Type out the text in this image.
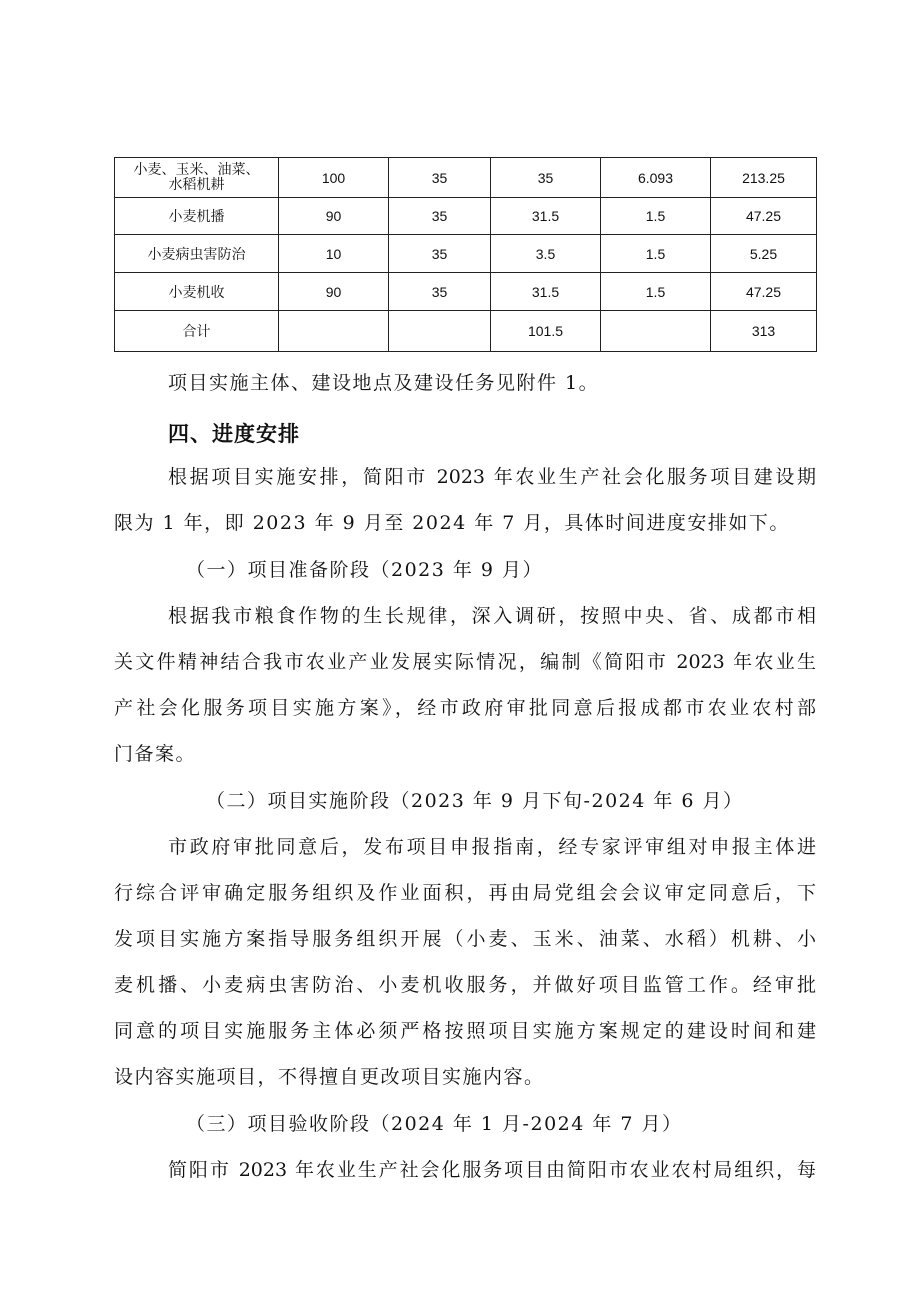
小麦、玉米、油菜、
水稻机耕	100	35	35	6.093	213.25

小麦机播	90	35	31.5	1.5	47.25

小麦病虫害防治	10	35	3.5	1.5	5.25

小麦机收	90	35	31.5	1.5	47.25

合计			101.5		313

项目实施主体、建设地点及建设任务见附件 1。

四、进度安排

根据项目实施安排，简阳市 2023 年农业生产社会化服务项目建设期

限为 1 年，即 2023 年 9 月至 2024 年 7 月，具体时间进度安排如下。

（一）项目准备阶段（2023 年 9 月）

根据我市粮食作物的生长规律，深入调研，按照中央、省、成都市相

关文件精神结合我市农业产业发展实际情况，编制《简阳市 2023 年农业生

产社会化服务项目实施方案》，经市政府审批同意后报成都市农业农村部

门备案。

（二）项目实施阶段（2023 年 9 月下旬-2024 年 6 月）

市政府审批同意后，发布项目申报指南，经专家评审组对申报主体进

行综合评审确定服务组织及作业面积，再由局党组会会议审定同意后，下

发项目实施方案指导服务组织开展（小麦、玉米、油菜、水稻）机耕、小

麦机播、小麦病虫害防治、小麦机收服务，并做好项目监管工作。经审批

同意的项目实施服务主体必须严格按照项目实施方案规定的建设时间和建

设内容实施项目，不得擅自更改项目实施内容。

（三）项目验收阶段（2024 年 1 月-2024 年 7 月）

简阳市 2023 年农业生产社会化服务项目由简阳市农业农村局组织，每
